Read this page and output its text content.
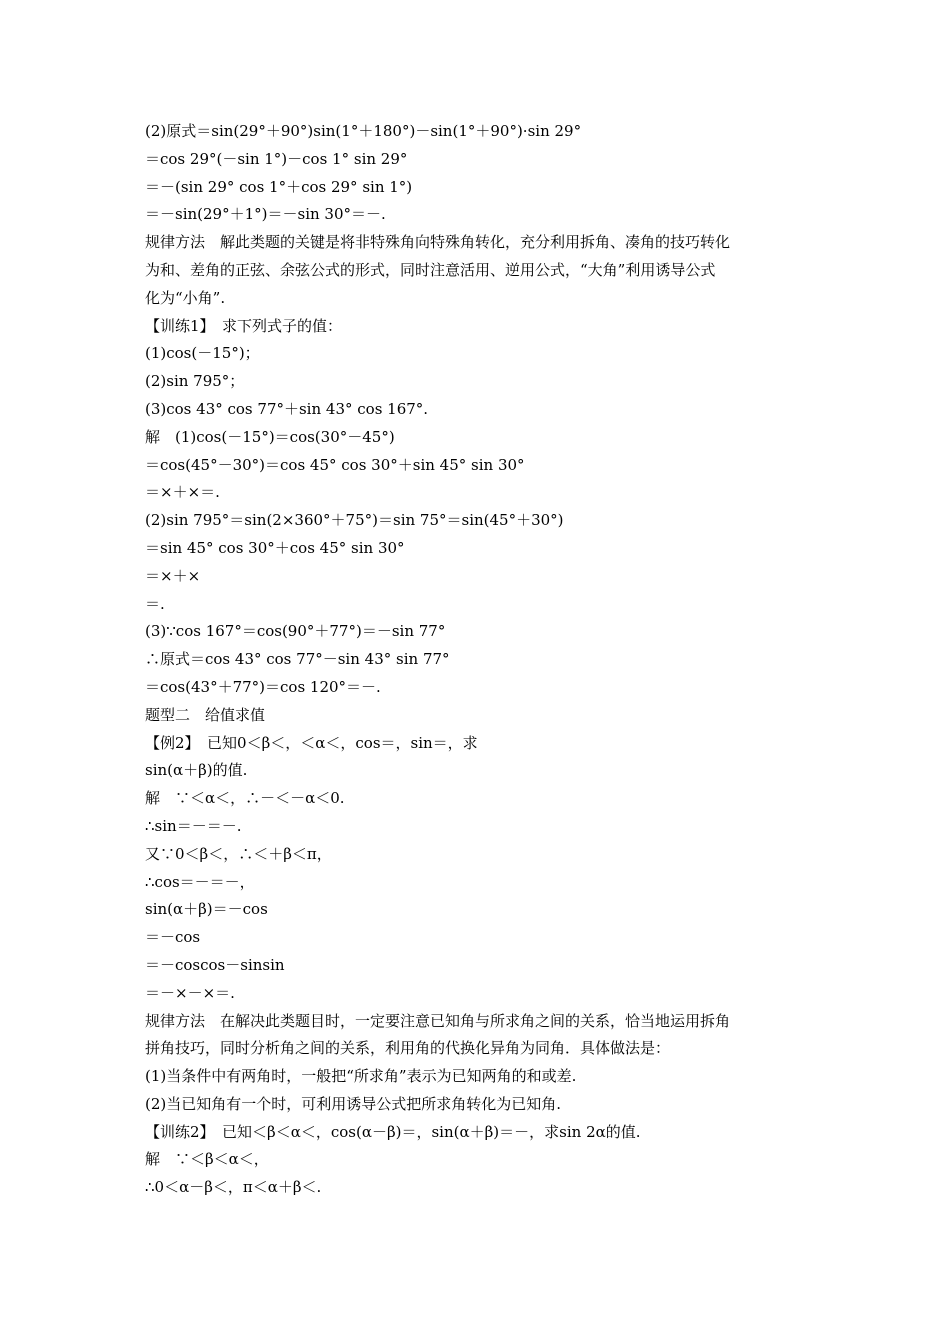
(2)原式＝sin(29°＋90°)sin(1°＋180°)－sin(1°＋90°)·sin 29°
＝cos 29°(－sin 1°)－cos 1° sin 29°
＝－(sin 29° cos 1°＋cos 29° sin 1°)
＝－sin(29°＋1°)＝－sin 30°＝－.
规律方法　解此类题的关键是将非特殊角向特殊角转化，充分利用拆角、凑角的技巧转化
为和、差角的正弦、余弦公式的形式，同时注意活用、逆用公式，“大角”利用诱导公式
化为“小角”.
【训练1】　求下列式子的值：
(1)cos(－15°)；
(2)sin 795°；
(3)cos 43° cos 77°＋sin 43° cos 167°.
解　(1)cos(－15°)＝cos(30°－45°)
＝cos(45°－30°)＝cos 45° cos 30°＋sin 45° sin 30°
＝×＋×＝.
(2)sin 795°＝sin(2×360°＋75°)＝sin 75°＝sin(45°＋30°)
＝sin 45° cos 30°＋cos 45° sin 30°
＝×＋×
＝.
(3)∵cos 167°＝cos(90°＋77°)＝－sin 77°
∴原式＝cos 43° cos 77°－sin 43° sin 77°
＝cos(43°＋77°)＝cos 120°＝－.
题型二　给值求值
【例2】　已知0＜β＜，＜α＜，cos＝，sin＝，求
sin(α＋β)的值.
解　∵＜α＜，∴－＜－α＜0.
∴sin＝－＝－.
又∵0＜β＜，∴＜＋β＜π，
∴cos＝－＝－，
sin(α＋β)＝－cos
＝－cos
＝－coscos－sinsin
＝－×－×＝.
规律方法　在解决此类题目时，一定要注意已知角与所求角之间的关系，恰当地运用拆角
拼角技巧，同时分析角之间的关系，利用角的代换化异角为同角．具体做法是：
(1)当条件中有两角时，一般把“所求角”表示为已知两角的和或差.
(2)当已知角有一个时，可利用诱导公式把所求角转化为已知角.
【训练2】　已知＜β＜α＜，cos(α－β)＝，sin(α＋β)＝－，求sin 2α的值.
解　∵＜β＜α＜，
∴0＜α－β＜，π＜α＋β＜.
